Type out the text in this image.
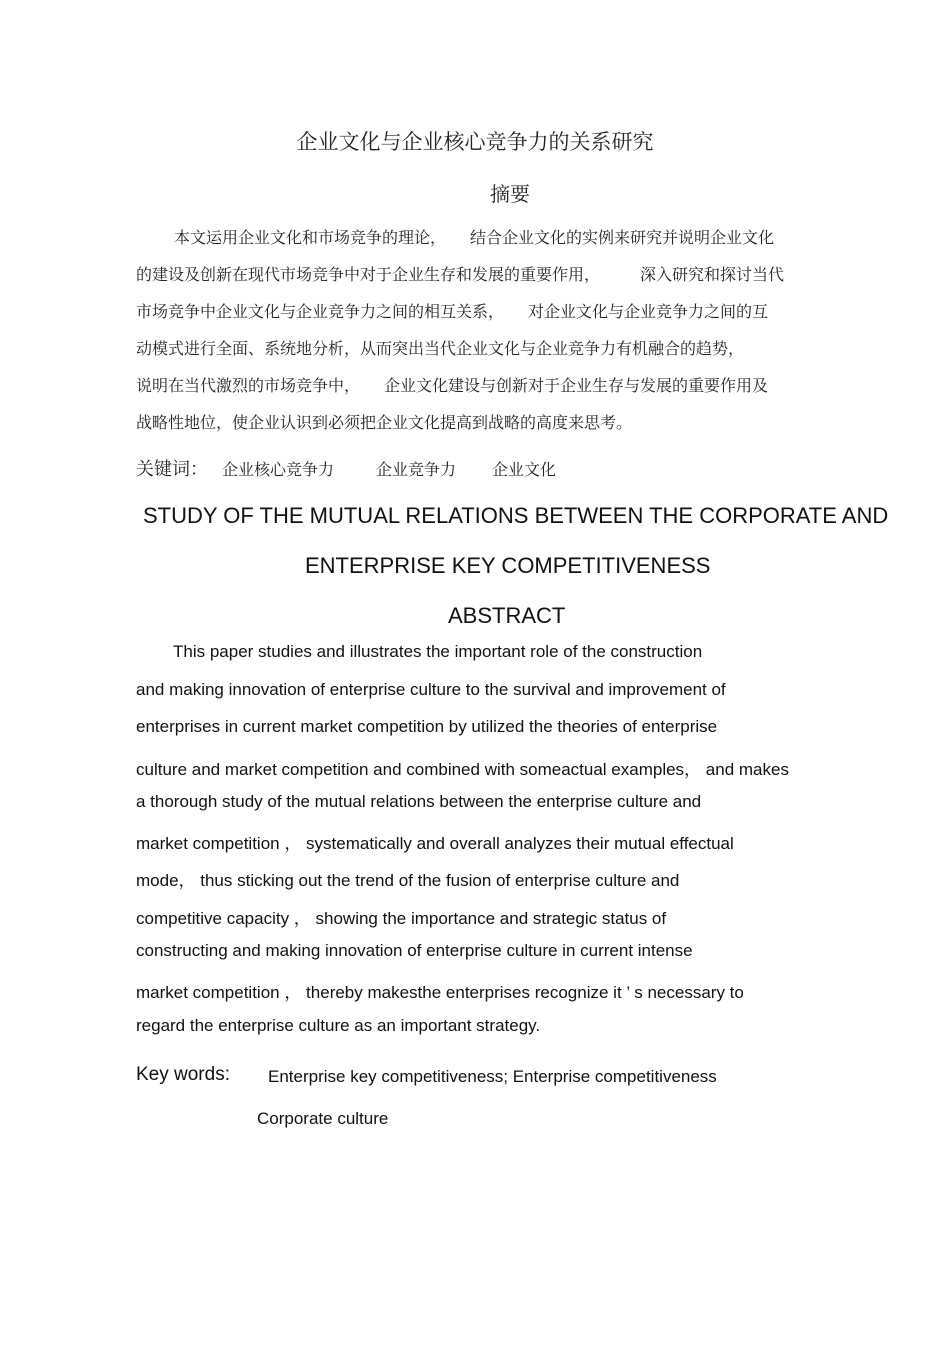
企业文化与企业核心竞争力的关系研究
摘要
本文运用企业文化和市场竞争的理论，　　结合企业文化的实例来研究并说明企业文化
的建设及创新在现代市场竞争中对于企业生存和发展的重要作用，　　　深入研究和探讨当代
市场竞争中企业文化与企业竞争力之间的相互关系，　　对企业文化与企业竞争力之间的互
动模式进行全面、系统地分析，从而突出当代企业文化与企业竞争力有机融合的趋势，
说明在当代激烈的市场竞争中，　　企业文化建设与创新对于企业生存与发展的重要作用及
战略性地位，使企业认识到必须把企业文化提高到战略的高度来思考。
关键词： 企业核心竞争力	企业竞争力 企业文化
STUDY OF THE MUTUAL RELATIONS BETWEEN THE CORPORATE AND
ENTERPRISE KEY COMPETITIVENESS
ABSTRACT
This paper studies and illustrates the important role of the construction
and making innovation of enterprise culture to the survival and improvement of
enterprises in current market competition by utilized the theories of enterprise
culture and market competition and combined with someactual examples， and makes
a thorough study of the mutual relations between the enterprise culture and
market competition ， systematically and overall analyzes their mutual effectual
mode， thus sticking out the trend of the fusion of enterprise culture and
competitive capacity ， showing the importance and strategic status of
constructing and making innovation of enterprise culture in current intense
market competition ， thereby makesthe enterprises recognize it ’ s necessary to
regard the enterprise culture as an important strategy.
Key words: Enterprise key competitiveness; Enterprise competitiveness
Corporate culture
